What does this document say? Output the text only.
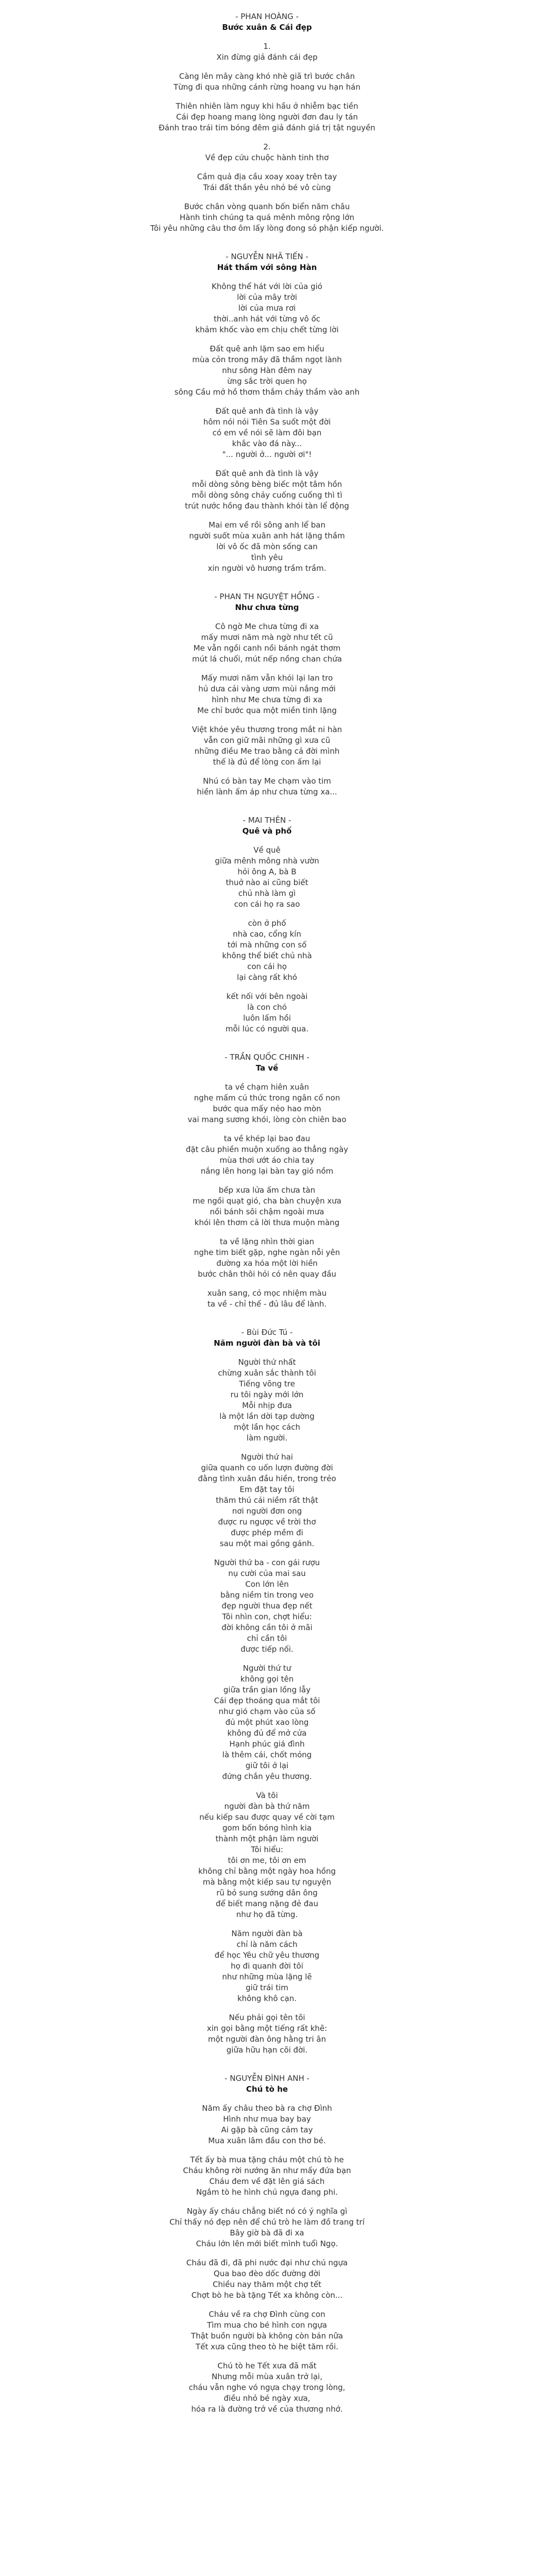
- PHAN HOÀNG -

Bước xuân & Cái đẹp

1.
Xin đừng giả đánh cái đẹp
Càng lên mây càng khó nhè giã trì bước chân
Từng đi qua những cánh rừng hoang vu hạn hán
Thiên nhiên làm nguy khi hầu ở nhiễm bạc tiền
Cái đẹp hoang mang lòng người đơn đau ly tán
Đánh trao trái tim bóng đêm giả đánh giá trị tật nguyền
2.
Về đẹp cứu chuộc hành tinh thơ
Cầm quả địa cầu xoay xoay trên tay
Trái đất thần yêu nhỏ bé vô cùng
Bước chân vòng quanh bốn biển năm châu
Hành tinh chúng ta quá mênh mông rộng lớn
Tôi yêu những câu thơ ôm lấy lòng đong sỏ phận kiếp người.

- NGUYỄN NHÃ TIẾN -

Hát thầm với sông Hàn

Không thể hát với lời của gió
lời của mây trời
lời của mưa rơi
thời..anh hát với từng vô ốc
khảm khốc vào em chịu chết từng lời
Đất quê anh lặm sao em hiểu
mùa cỏn trong mây đã thầm ngọt lành
như sông Hàn đêm nay
ừng sắc trời quen họ
sông Cầu mở hồ thơm thắm chảy thầm vào anh
Đất quê anh đà tình là vậy
hôm nói nói Tiên Sa suốt một đời
có em về nói sẽ làm đôi bạn
khắc vào đá này...
"... người ở... người ơi"!
Đất quê anh đà tình là vậy
mỗi dòng sông bèng biếc một tâm hồn
mỗi dòng sông chảy cuống cuống thì tì
trút nước hồng đau thành khói tàn lể động
Mai em về rồi sông anh lể ban
người suốt mùa xuân anh hát lặng thầm
lời vô ốc đã mòn sống can
tình yêu
xin người vô hương trầm trầm.

- PHAN TH NGUYỆT HỒNG -

Như chưa từng

Cô ngờ Me chưa từng đi xa
mấy mươi năm mà ngờ như tết cũ
Me vẫn ngồi canh nồi bánh ngát thơm
mút lá chuối, mút nếp nồng chan chứa
Mấy mươi năm vẫn khói lại lan tro
hủ dưa cải vàng ươm mùi nắng mới
hình như Me chưa từng đi xa
Me chỉ bước qua một miền tinh lặng
Việt khóe yêu thương trong mắt ni hàn
vẫn con giữ mãi những gì xưa cũ
những điều Me trao bằng cả đời mình
thế là đủ để lòng con ấm lại
Nhú có bàn tay Me chạm vào tim
hiền lành ấm áp như chưa từng xa...

- MAI THÊN -

Quê và phố

Về quê
giữa mênh mông nhà vườn
hỏi ông A, bà B
thuở nào ai cũng biết
chủ nhà làm gì
con cái họ ra sao
còn ở phố
nhà cao, cổng kín
tới mà những con số
không thể biết chủ nhà
con cái họ
lại càng rất khó
kết nối với bên ngoài
là con chó
luôn lấm hồi
mỗi lúc có người qua.

- TRẦN QUỐC CHINH -

Ta về

ta về chạm hiên xuân
nghe mấm cú thức trong ngân cố non
bước qua mấy nẻo hao mòn
vai mang sương khói, lòng còn chiên bao
ta về khép lại bao đau
đặt câu phiền muộn xuống ao thẳng ngày
mùa thơi ướt áo chia tay
nắng lên hong lại bàn tay gió nồm
bếp xưa lửa ấm chưa tàn
me ngồi quạt gió, cha bàn chuyện xưa
nồi bánh sôi chậm ngoài mưa
khói lên thơm cả lời thưa muộn màng
ta về lặng nhìn thời gian
nghe tim biết gặp, nghe ngàn nỗi yên
đường xa hóa một lời hiền
bước chân thôi hỏi có nên quay đầu
xuân sang, cỏ mọc nhiệm màu
ta về - chỉ thế - đủ lâu để lành.

- Bùi Đức Tú -

Năm người đàn bà và tôi

Người thứ nhất
chừng xuân sắc thành tôi
Tiếng võng tre
ru tôi ngày mới lớn
Mỗi nhịp đưa
là một lần dời tạp dường
một lần học cách
làm người.
Người thứ hai
giữa quanh co uốn lượn đường đời
đằng tình xuân đầu hiền, trong trẻo
Em đặt tay tôi
thăm thú cái niềm rất thật
nơi người đơn ong
được ru ngược về trời thơ
được phép mềm đi
sau một mai gồng gánh.
Người thứ ba - con gái rượu
nụ cười của mai sau
Con lớn lên
bằng niềm tin trong veo
đẹp người thua đẹp nết
Tôi nhìn con, chợt hiểu:
đời không cần tôi ở mãi
chỉ cần tôi
được tiếp nối.
Người thứ tư
không gọi tên
giữa trần gian lồng lẫy
Cái đẹp thoáng qua mắt tôi
như gió chạm vào của số
đủ một phút xao lòng
không đủ để mở cửa
Hạnh phúc giá đình
là thêm cái, chốt mỏng
giữ tôi ở lại
đứng chắn yêu thương.
Và tôi
người đàn bà thứ năm
nếu kiếp sau được quay về cời tạm
gom bốn bóng hình kia
thành một phận làm người
Tôi hiểu:
tôi ơn me, tôi ơn em
không chỉ bằng một ngày hoa hồng
mà bằng một kiếp sau tự nguyện
rũ bỏ sung sướng dân ông
để biết mang nặng đẻ đau
như họ đã từng.
Năm người đàn bà
chỉ là năm cách
để học Yêu chữ yêu thương
họ đi quanh đời tôi
như những mùa lặng lẽ
giữ trái tim
không khô cạn.
Nếu phải gọi tên tôi
xin gọi bằng một tiếng rất khẽ:
một người đàn ông hằng tri ân
giữa hữu hạn cõi đời.

- NGUYỄN ĐÌNH ANH -

Chú tò he

Năm ấy châu theo bà ra chợ Đình
Hình như mua bay bay
Ai gặp bà cũng cảm tay
Mua xuân lâm đầu con thơ bé.
Tết ấy bà mua tặng cháu một chú tò he
Cháu không rời nướng ăn như mấy đứa bạn
Cháu đem về đặt lên giá sách
Ngắm tò he hình chú ngựa đang phi.
Ngày ấy cháu chẳng biết nó có ý nghĩa gì
Chỉ thấy nó đẹp nên để chú trò he làm đồ trang trí
Bây giờ bà đã đi xa
Cháu lớn lên mới biết mình tuổi Ngọ.
Cháu đã đi, đã phi nước đại như chú ngựa
Qua bao đèo dốc đường đời
Chiều nay thăm một chợ tết
Chợt bò he bà tặng Tết xa không còn...
Cháu về ra chợ Đình cùng con
Tìm mua cho bé hình con ngựa
Thật buồn người bà không còn bán nữa
Tết xưa cũng theo tò he biệt tăm rồi.
Chú tò he Tết xưa đã mất
Nhưng mỗi mùa xuân trở lại,
cháu vẫn nghe vó ngựa chạy trong lòng,
điều nhỏ bé ngày xưa,
hóa ra là đường trở về của thương nhớ.
